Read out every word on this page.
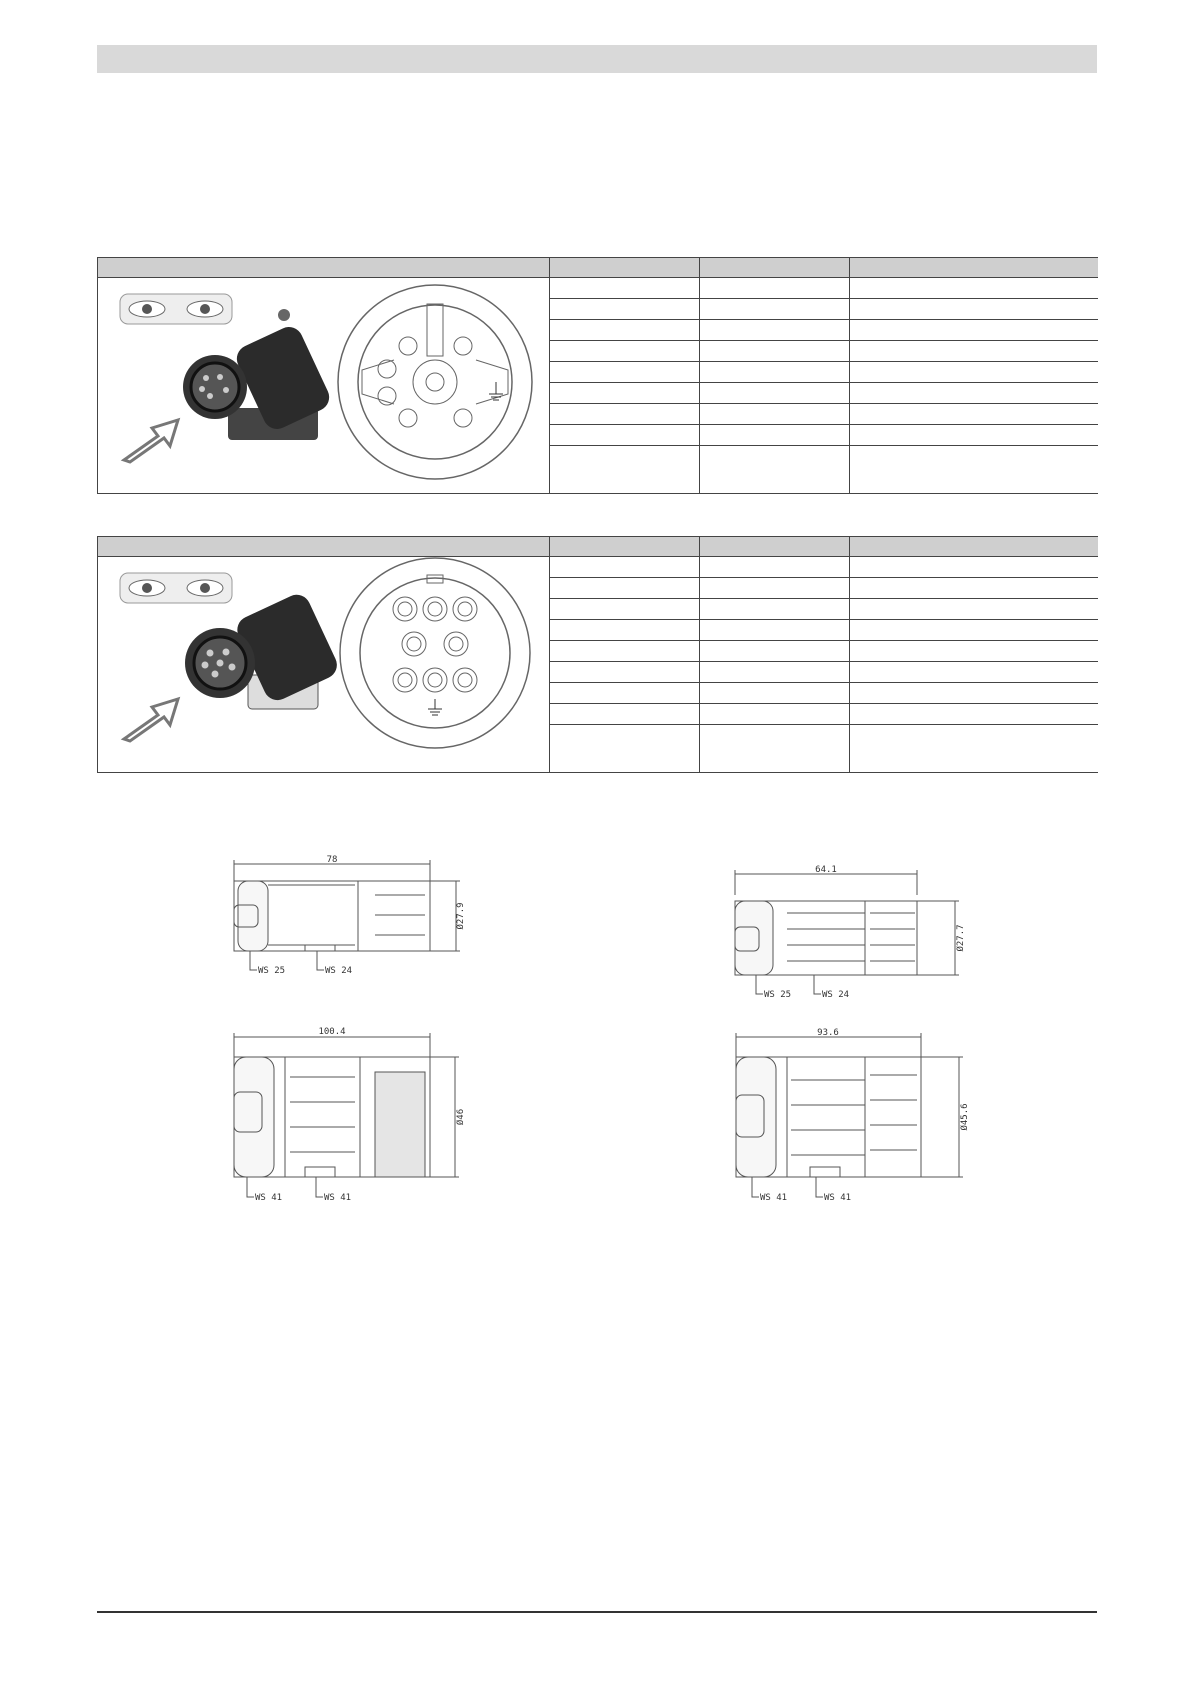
78
Ø27.9
WS 25	WS 24
64.1
Ø27.7
WS 25	WS 24
100.4
Ø46
WS 41	WS 41
93.6
Ø45.6
WS 41	WS 41
